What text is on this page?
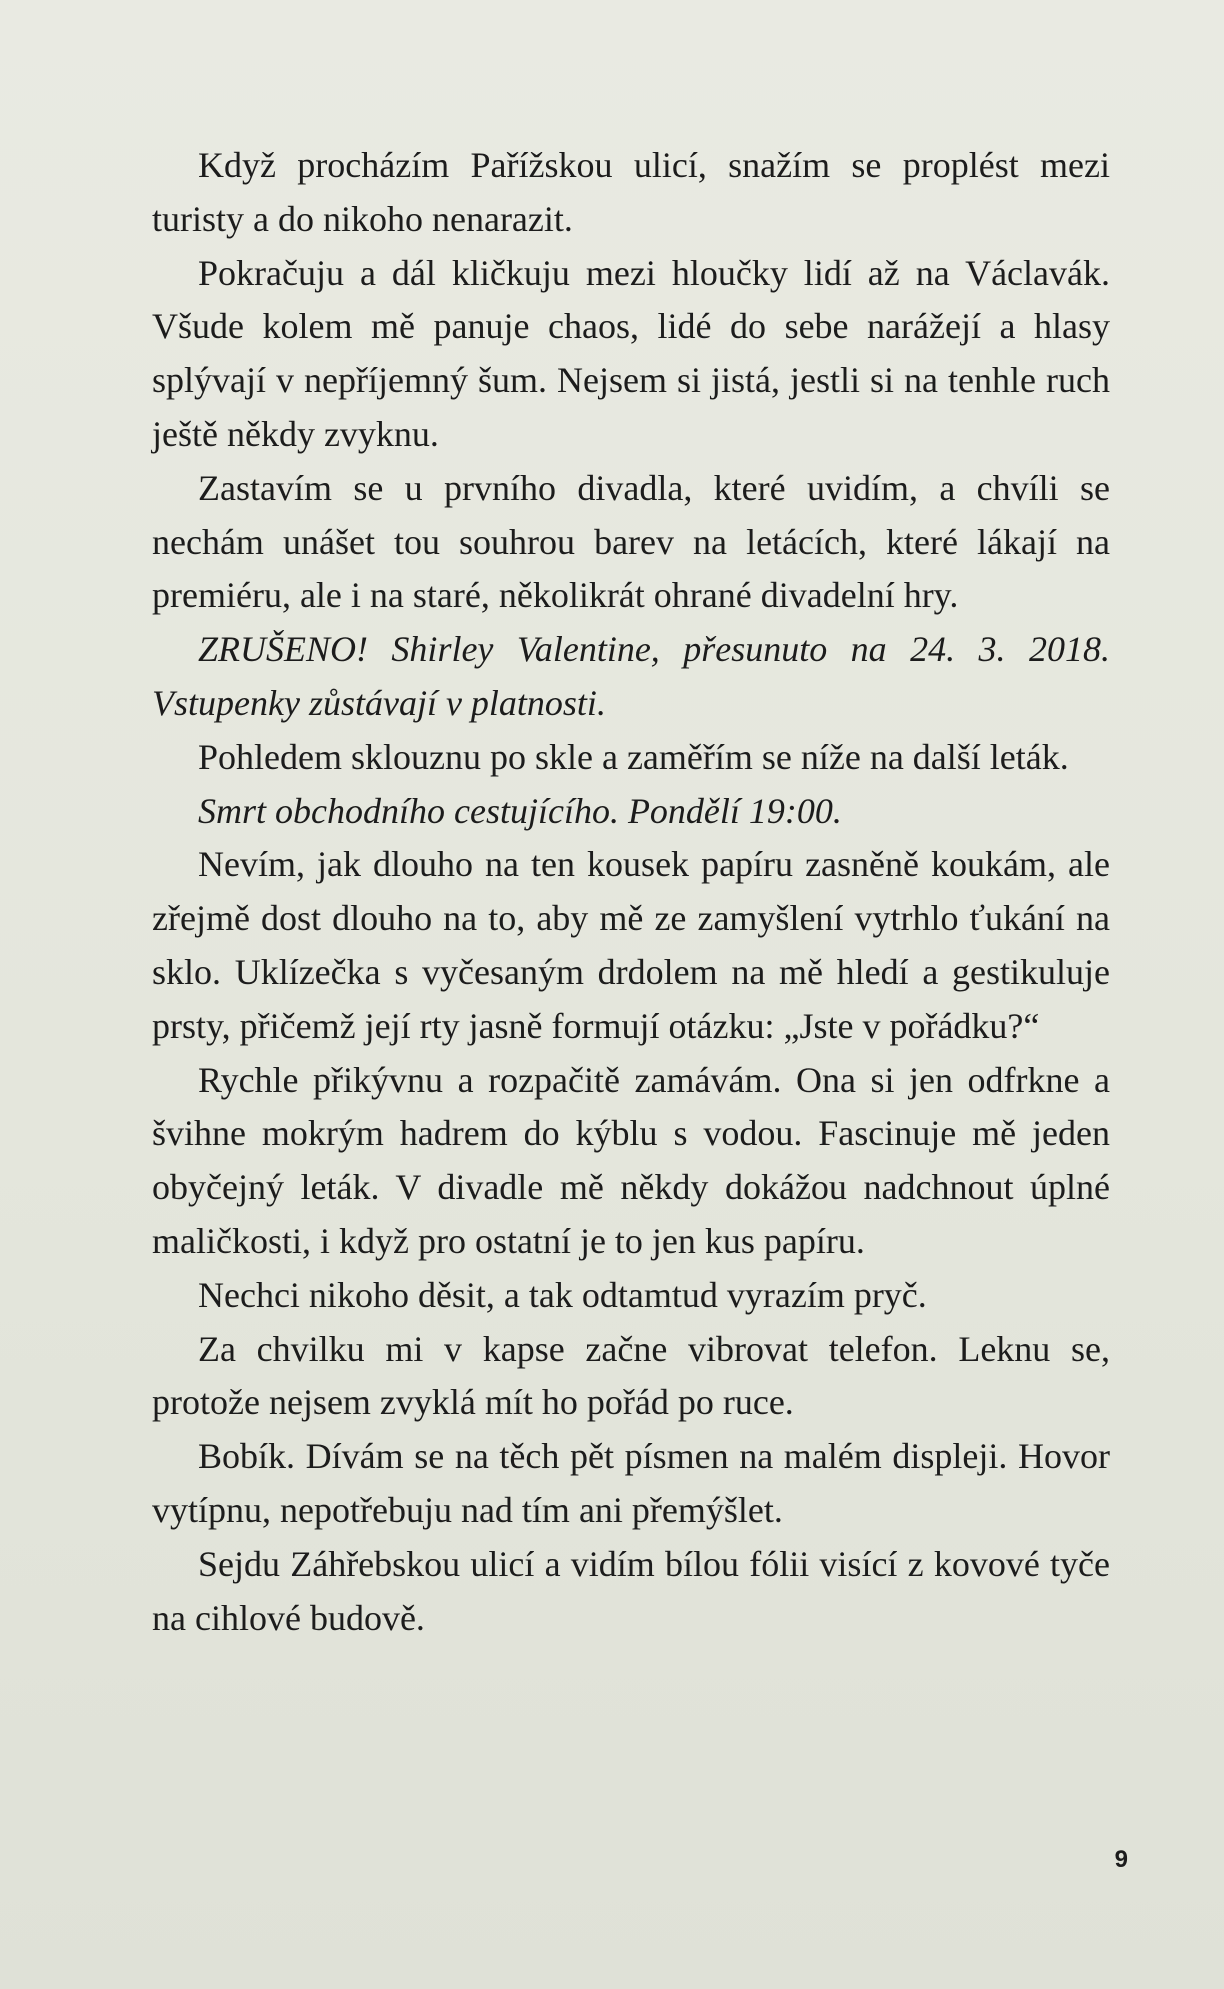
Když procházím Pařížskou ulicí, snažím se proplést mezi turisty a do nikoho nenarazit.

Pokračuju a dál kličkuju mezi hloučky lidí až na Václavák. Všude kolem mě panuje chaos, lidé do sebe narážejí a hlasy splývají v nepříjemný šum. Nejsem si jistá, jestli si na tenhle ruch ještě někdy zvyknu.

Zastavím se u prvního divadla, které uvidím, a chvíli se nechám unášet tou souhrou barev na letácích, které lákají na premiéru, ale i na staré, několikrát ohrané divadelní hry.

ZRUŠENO! Shirley Valentine, přesunuto na 24. 3. 2018. Vstupenky zůstávají v platnosti.

Pohledem sklouznu po skle a zaměřím se níže na další leták.

Smrt obchodního cestujícího. Pondělí 19:00.

Nevím, jak dlouho na ten kousek papíru zasněně koukám, ale zřejmě dost dlouho na to, aby mě ze zamyšlení vytrhlo ťukání na sklo. Uklízečka s vyčesaným drdolem na mě hledí a gestikuluje prsty, přičemž její rty jasně formují otázku: „Jste v pořádku?“

Rychle přikývnu a rozpačitě zamávám. Ona si jen odfrkne a švihne mokrým hadrem do kýblu s vodou. Fascinuje mě jeden obyčejný leták. V divadle mě někdy dokážou nadchnout úplné maličkosti, i když pro ostatní je to jen kus papíru.

Nechci nikoho děsit, a tak odtamtud vyrazím pryč.

Za chvilku mi v kapse začne vibrovat telefon. Leknu se, protože nejsem zvyklá mít ho pořád po ruce.

Bobík. Dívám se na těch pět písmen na malém displeji. Hovor vytípnu, nepotřebuju nad tím ani přemýšlet.

Sejdu Záhřebskou ulicí a vidím bílou fólii visící z kovové tyče na cihlové budově.

9
